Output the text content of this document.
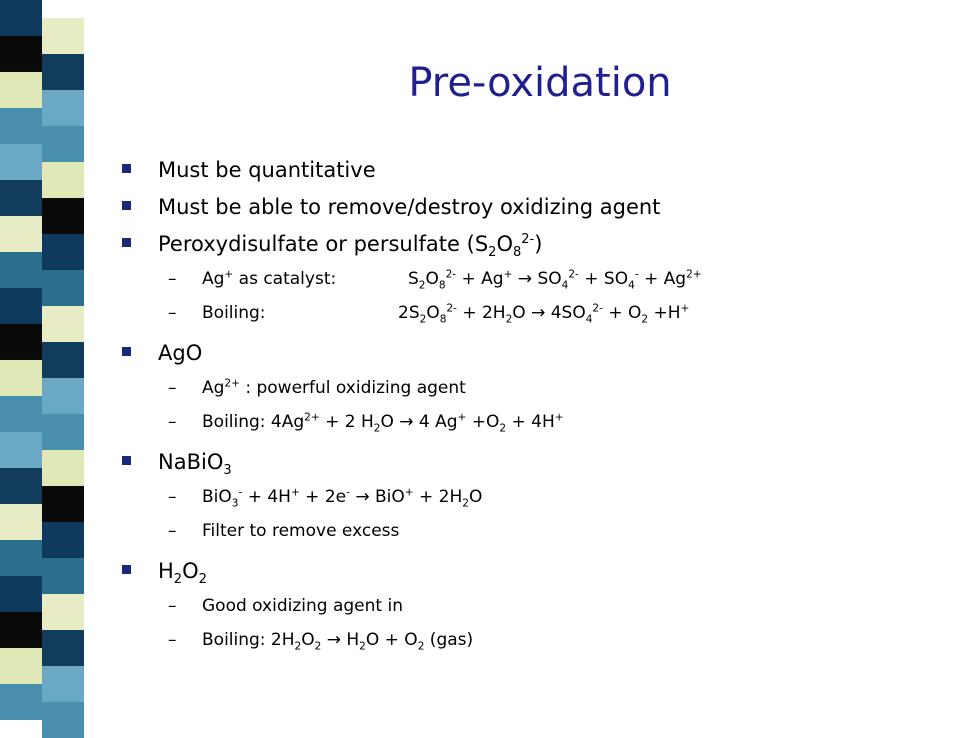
Pre-oxidation
Must be quantitative
Must be able to remove/destroy oxidizing agent
Peroxydisulfate or persulfate $(S_2O_8^{2-})$
– Ag+ as catalyst:	$S_2O_8^{2-} + Ag^+ \to SO_4^{2-} + SO_4^- + Ag^{2+}$
– Boiling:	$2S_2O_8^{2-} + 2H_2O \to 4SO_4^{2-} + O_2 +H^+$
AgO
– $Ag^{2+}$ : powerful oxidizing agent
– Boiling: $4Ag^{2+} + 2$ $H_2O \to 4$ $Ag^+ +O_2 + 4H^+$
NaBiO$_3$
– $BiO_3^- + 4H^+ + 2e^- \to BiO^+ + 2H_2O$
– Filter to remove excess
$H_2O_2$
– Good oxidizing agent in
– Boiling: $2H_2O_2 \to H_2O + O_2$ (gas)
